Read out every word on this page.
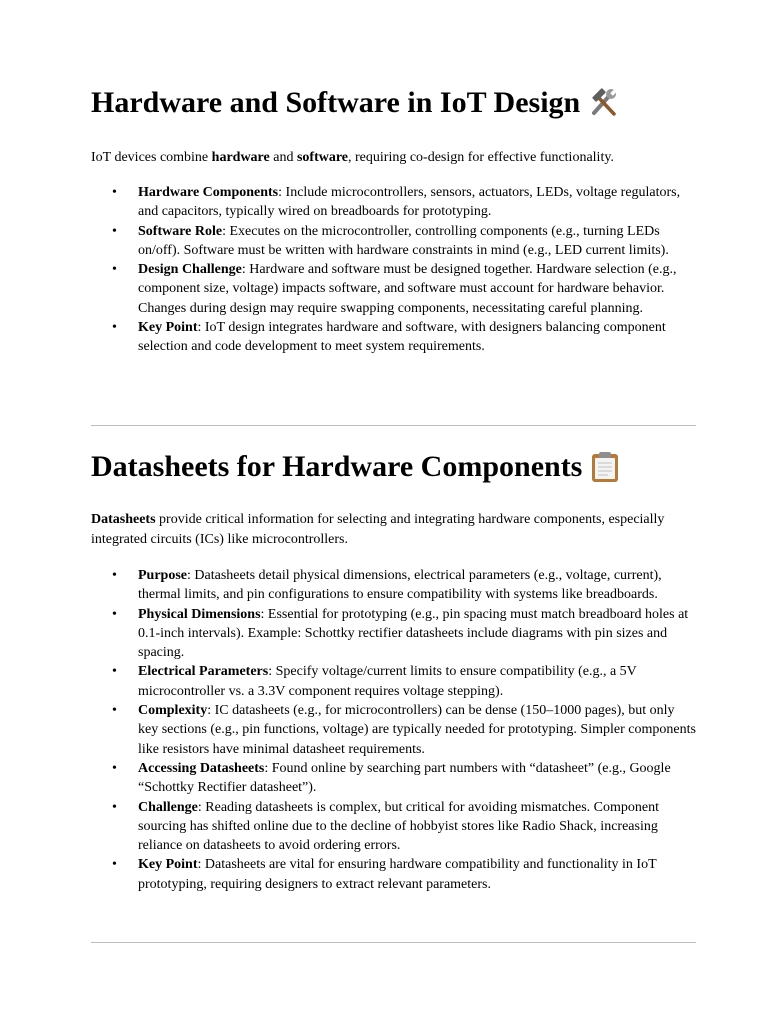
Hardware and Software in IoT Design

IoT devices combine hardware and software, requiring co-design for effective functionality.

• Hardware Components: Include microcontrollers, sensors, actuators, LEDs, voltage regulators, and capacitors, typically wired on breadboards for prototyping.
• Software Role: Executes on the microcontroller, controlling components (e.g., turning LEDs on/off). Software must be written with hardware constraints in mind (e.g., LED current limits).
• Design Challenge: Hardware and software must be designed together. Hardware selection (e.g., component size, voltage) impacts software, and software must account for hardware behavior. Changes during design may require swapping components, necessitating careful planning.
• Key Point: IoT design integrates hardware and software, with designers balancing component selection and code development to meet system requirements.
Datasheets for Hardware Components

Datasheets provide critical information for selecting and integrating hardware components, especially integrated circuits (ICs) like microcontrollers.

• Purpose: Datasheets detail physical dimensions, electrical parameters (e.g., voltage, current), thermal limits, and pin configurations to ensure compatibility with systems like breadboards.
• Physical Dimensions: Essential for prototyping (e.g., pin spacing must match breadboard holes at 0.1-inch intervals). Example: Schottky rectifier datasheets include diagrams with pin sizes and spacing.
• Electrical Parameters: Specify voltage/current limits to ensure compatibility (e.g., a 5V microcontroller vs. a 3.3V component requires voltage stepping).
• Complexity: IC datasheets (e.g., for microcontrollers) can be dense (150–1000 pages), but only key sections (e.g., pin functions, voltage) are typically needed for prototyping. Simpler components like resistors have minimal datasheet requirements.
• Accessing Datasheets: Found online by searching part numbers with “datasheet” (e.g., Google “Schottky Rectifier datasheet”).
• Challenge: Reading datasheets is complex, but critical for avoiding mismatches. Component sourcing has shifted online due to the decline of hobbyist stores like Radio Shack, increasing reliance on datasheets to avoid ordering errors.
• Key Point: Datasheets are vital for ensuring hardware compatibility and functionality in IoT prototyping, requiring designers to extract relevant parameters.
